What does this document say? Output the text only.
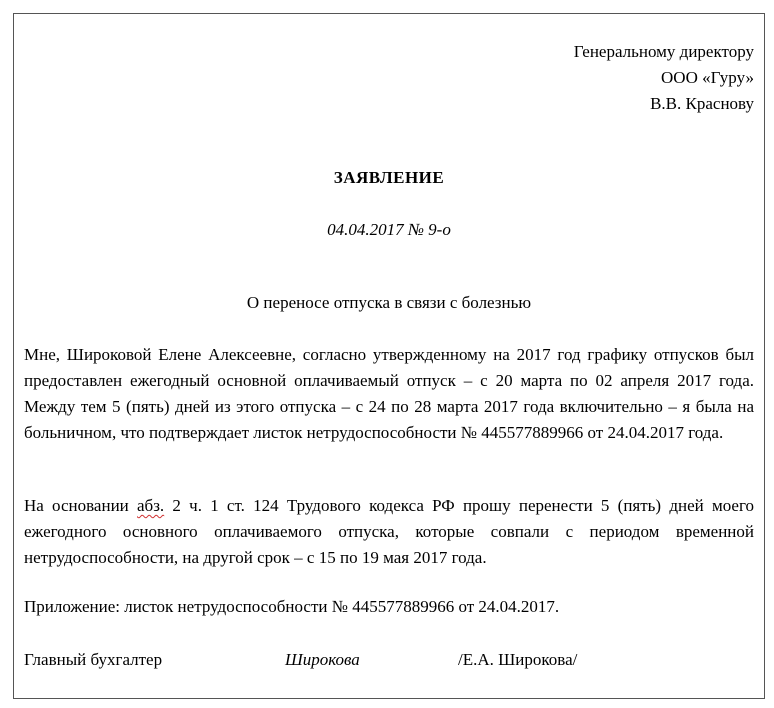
Генеральному директору
ООО «Гуру»
В.В. Краснову
ЗАЯВЛЕНИЕ
04.04.2017 № 9-о
О переносе отпуска в связи с болезнью
Мне, Широковой Елене Алексеевне, согласно утвержденному на 2017 год графику отпусков был предоставлен ежегодный основной оплачиваемый отпуск – с 20 марта по 02 апреля 2017 года. Между тем 5 (пять) дней из этого отпуска – с 24 по 28 марта 2017 года включительно – я была на больничном, что подтверждает листок нетрудоспособности № 445577889966 от 24.04.2017 года.
На основании абз. 2 ч. 1 ст. 124 Трудового кодекса РФ прошу перенести 5 (пять) дней моего ежегодного основного оплачиваемого отпуска, которые совпали с периодом временной нетрудоспособности, на другой срок – с 15 по 19 мая 2017 года.
Приложение: листок нетрудоспособности № 445577889966 от 24.04.2017.
Главный бухгалтер	Широкова	/Е.А. Широкова/
